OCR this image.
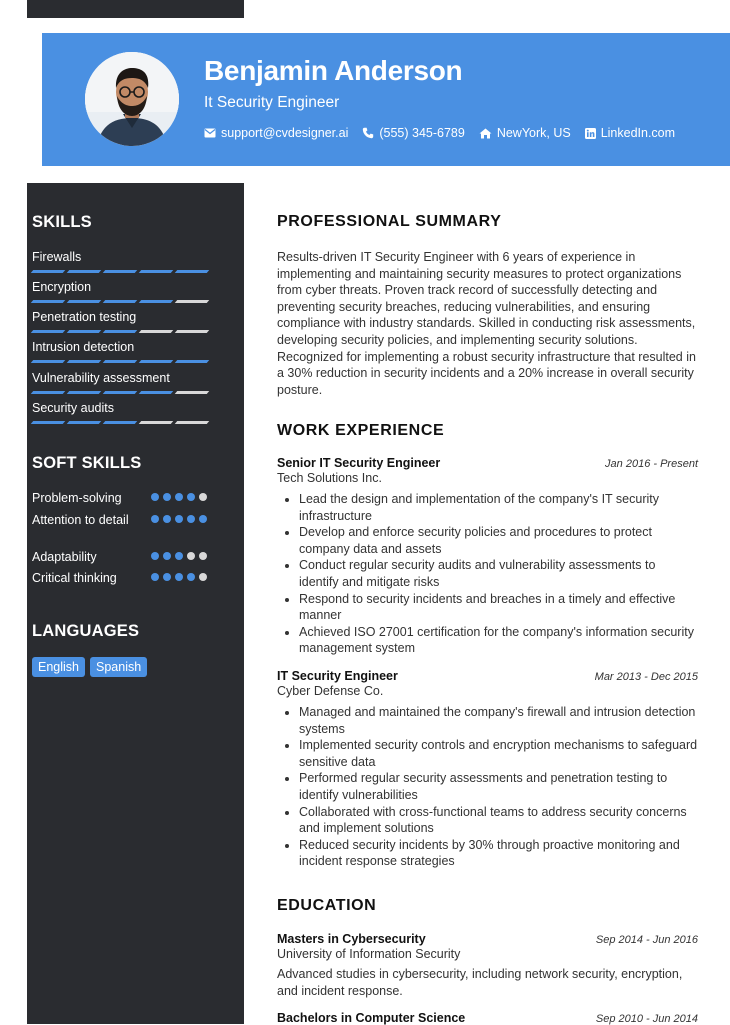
Benjamin Anderson
It Security Engineer
support@cvdesigner.ai (555) 345-6789	NewYork, US LinkedIn.com
SKILLS
Firewalls
Encryption
Penetration testing
Intrusion detection
Vulnerability assessment
Security audits
SOFT SKILLS
Problem-solving
Attention to detail
Adaptability
Critical thinking
LANGUAGES
English	Spanish
PROFESSIONAL SUMMARY

Results-driven IT Security Engineer with 6 years of experience in implementing and maintaining security measures to protect organizations from cyber threats. Proven track record of successfully detecting and preventing security breaches, reducing vulnerabilities, and ensuring compliance with industry standards. Skilled in conducting risk assessments, developing security policies, and implementing security solutions. Recognized for implementing a robust security infrastructure that resulted in a 30% reduction in security incidents and a 20% increase in overall security posture.

WORK EXPERIENCE
Senior IT Security Engineer	Jan 2016 - Present
Tech Solutions Inc.
• Lead the design and implementation of the company's IT security infrastructure
• Develop and enforce security policies and procedures to protect company data and assets
• Conduct regular security audits and vulnerability assessments to identify and mitigate risks
• Respond to security incidents and breaches in a timely and effective manner
• Achieved ISO 27001 certification for the company's information security management system
IT Security Engineer	Mar 2013 - Dec 2015
Cyber Defense Co.
• Managed and maintained the company's firewall and intrusion detection systems
• Implemented security controls and encryption mechanisms to safeguard sensitive data
• Performed regular security assessments and penetration testing to identify vulnerabilities
• Collaborated with cross-functional teams to address security concerns and implement solutions
• Reduced security incidents by 30% through proactive monitoring and incident response strategies
EDUCATION
Masters in Cybersecurity	Sep 2014 - Jun 2016
University of Information Security

Advanced studies in cybersecurity, including network security, encryption, and incident response.

Bachelors in Computer Science	Sep 2010 - Jun 2014
